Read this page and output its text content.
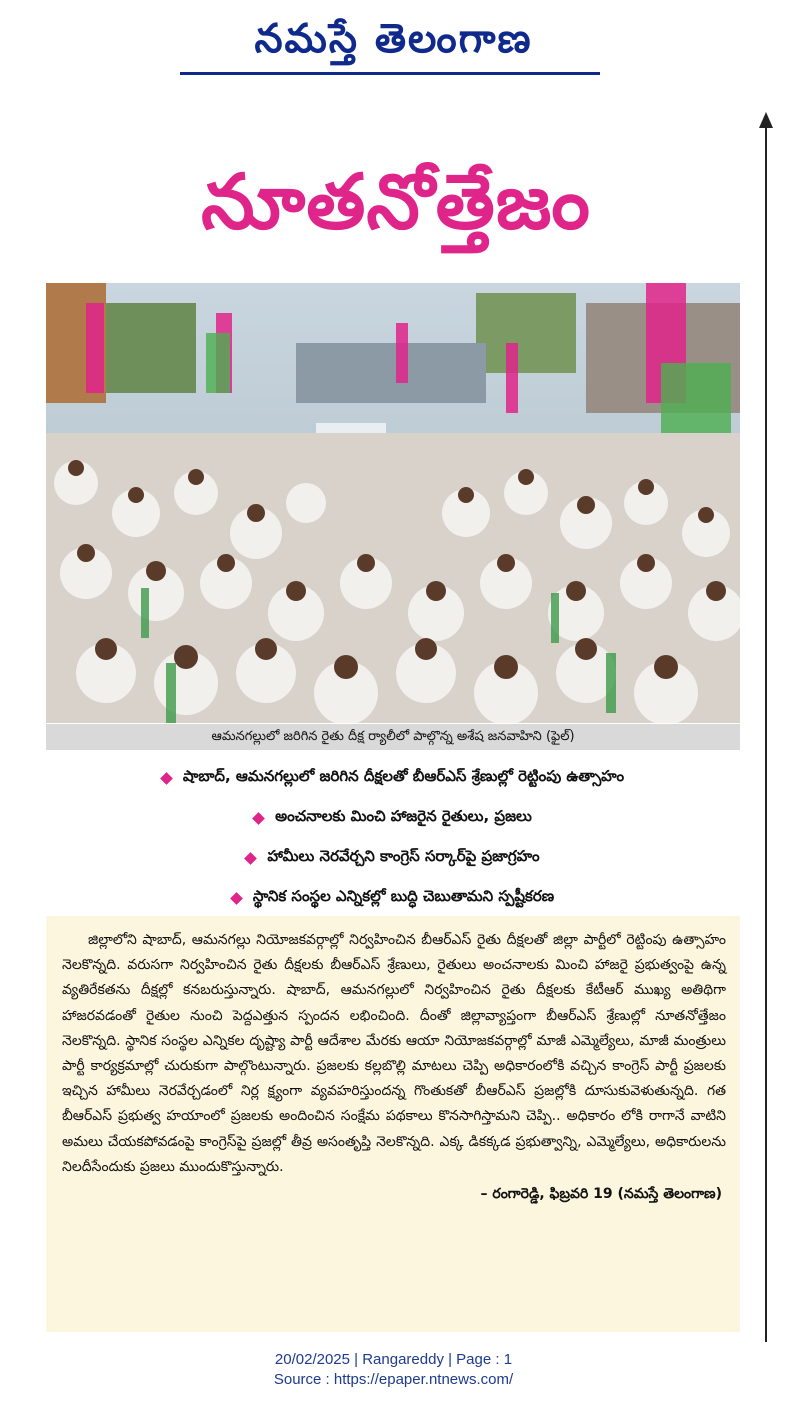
నమస్తే తెలంగాణ
నూతనోత్తేజం
ఆమనగల్లులో జరిగిన రైతు దీక్ష ర్యాలీలో పాల్గొన్న అశేష జనవాహిని (ఫైల్)
షాబాద్, ఆమనగల్లులో జరిగిన దీక్షలతో బీఆర్ఎస్ శ్రేణుల్లో రెట్టింపు ఉత్సాహం
అంచనాలకు మించి హాజరైన రైతులు, ప్రజలు
హామీలు నెరవేర్చని కాంగ్రెస్ సర్కార్‌పై ప్రజాగ్రహం
స్థానిక సంస్థల ఎన్నికల్లో బుద్ధి చెబుతామని స్పష్టీకరణ

జిల్లాలోని షాబాద్, ఆమనగల్లు నియోజకవర్గాల్లో నిర్వహించిన బీఆర్ఎస్ రైతు దీక్షలతో జిల్లా పార్టీలో రెట్టింపు ఉత్సాహం నెలకొన్నది. వరుసగా నిర్వహించిన రైతు దీక్షలకు బీఆర్ఎస్ శ్రేణులు, రైతులు అంచనాలకు మించి హాజరై ప్రభుత్వంపై ఉన్న వ్యతిరేకతను దీక్షల్లో కనబరుస్తున్నారు. షాబాద్, ఆమనగల్లులో నిర్వహించిన రైతు దీక్షలకు కేటీఆర్ ముఖ్య అతిథిగా హాజరవడంతో రైతుల నుంచి పెద్దఎత్తున స్పందన లభించింది. దీంతో జిల్లావ్యాప్తంగా బీఆర్ఎస్ శ్రేణుల్లో నూతనోత్తేజం నెలకొన్నది. స్థానిక సంస్థల ఎన్నికల దృష్ట్యా పార్టీ ఆదేశాల మేరకు ఆయా నియోజకవర్గాల్లో మాజీ ఎమ్మెల్యేలు, మాజీ మంత్రులు పార్టీ కార్యక్రమాల్లో చురుకుగా పాల్గొంటున్నారు. ప్రజలకు కల్లబొల్లి మాటలు చెప్పి అధికారంలోకి వచ్చిన కాంగ్రెస్ పార్టీ ప్రజలకు ఇచ్చిన హామీలు నెరవేర్చడంలో నిర్ల క్ష్యంగా వ్యవహరిస్తుందన్న గొంతుకతో బీఆర్ఎస్ ప్రజల్లోకి దూసుకువెళుతున్నది. గత బీఆర్ఎస్ ప్రభుత్వ హయాంలో ప్రజలకు అందించిన సంక్షేమ పథకాలు కొనసాగిస్తామని చెప్పి.. అధికారం లోకి రాగానే వాటిని అమలు చేయకపోవడంపై కాంగ్రెస్‌పై ప్రజల్లో తీవ్ర అసంతృప్తి నెలకొన్నది. ఎక్క డికక్కడ ప్రభుత్వాన్ని, ఎమ్మెల్యేలు, అధికారులను నిలదీసేందుకు ప్రజలు ముందుకొస్తున్నారు.

– రంగారెడ్డి, ఫిబ్రవరి 19 (నమస్తే తెలంగాణ)
20/02/2025 | Rangareddy | Page : 1
Source : https://epaper.ntnews.com/
